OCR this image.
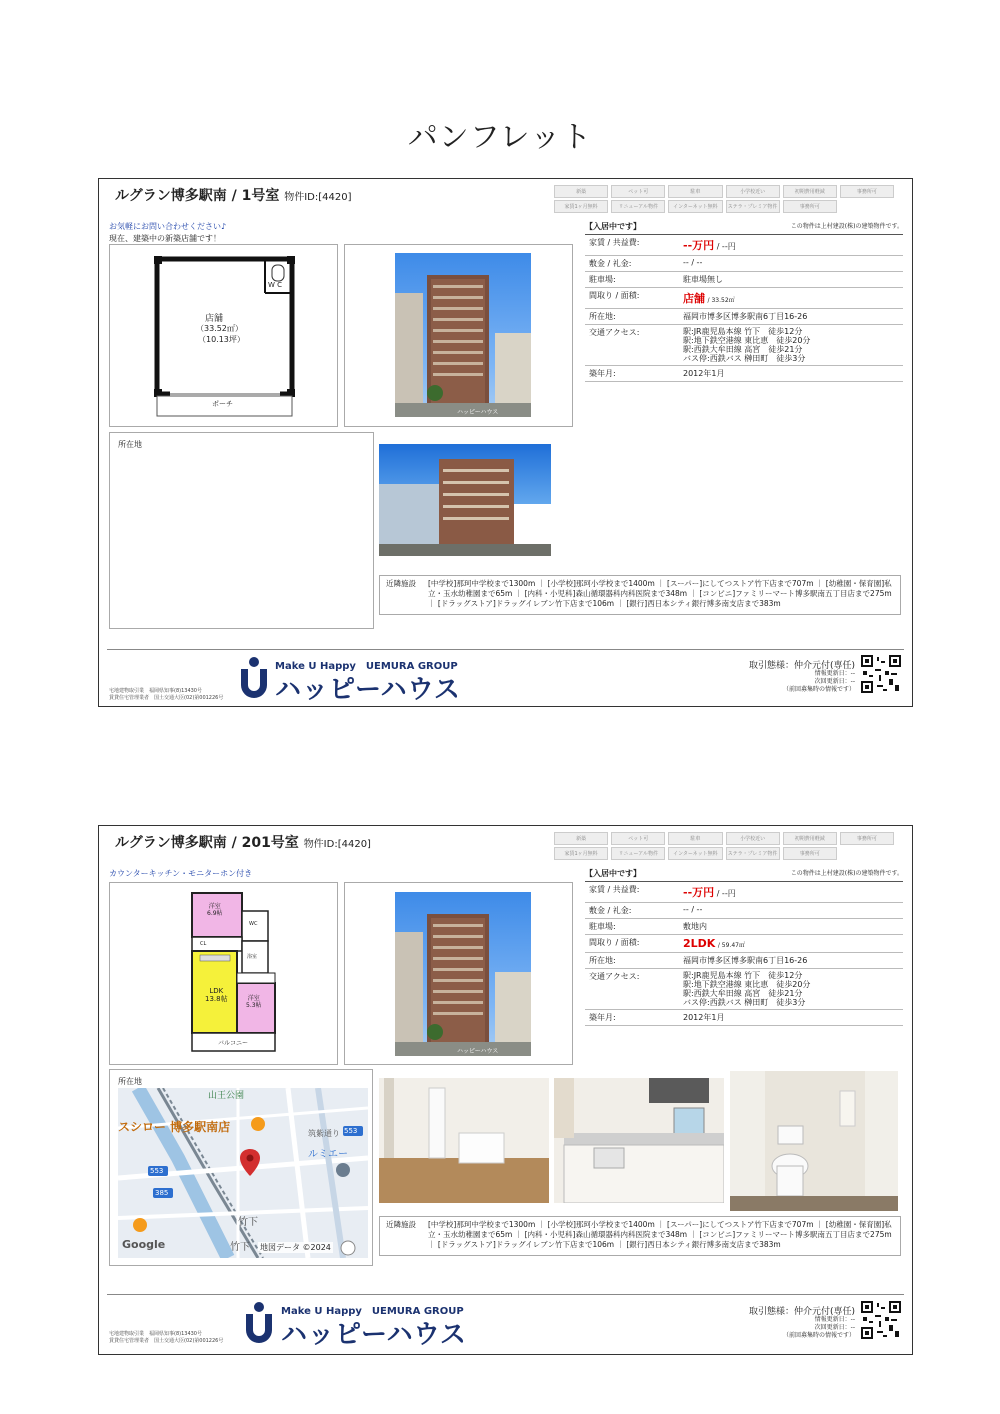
パンフレット
ルグラン博多駅南 / 1号室 物件ID:[4420]	新築	ペット可	駐車	小学校近い	初期費用軽減	事務所可
家賃1ヶ月無料	リニューアル物件	インターネット無料	ステラ・プレミア物件	事務所可
お気軽にお問い合わせください♪
現在、建築中の新築店舗です！
W C
店舗
（33.52㎡）
（10.13坪）
ポーチ
ハッピーハウス
所在地
【入居中です】	この物件は上村建設(株)の建築物件です。
家賃 / 共益費:	--万円 / --円
敷金 / 礼金:	-- / --
駐車場:	駐車場無し
間取り / 面積:	店舗 / 33.52㎡
所在地:	福岡市博多区博多駅南6丁目16-26
交通アクセス:	駅:JR鹿児島本線 竹下　徒歩12分
駅:地下鉄空港線 東比恵　徒歩20分
駅:西鉄大牟田線 高宮　徒歩21分
バス停:西鉄バス 榊田町　徒歩3分
築年月:	2012年1月
近隣施設	[中学校]那珂中学校まで1300m ｜ [小学校]那珂小学校まで1400m ｜ [スーパー]にしてつストア竹下店まで707m ｜ [幼稚園・保育園]私立・玉水幼稚園まで65m ｜ [内科・小児科]森山循環器科内科医院まで348m ｜ [コンビニ]ファミリーマート博多駅南五丁目店まで275m ｜ [ドラッグストア]ドラッグイレブン竹下店まで106m ｜ [銀行]西日本シティ銀行博多南支店まで383m
Make U Happy　UEMURA GROUP
ハッピーハウス
宅地建物取引業　福岡県知事(8)13430号
賃貸住宅管理業者　国土交通大臣(02)第001226号
取引態様：仲介元付(専任)
情報更新日：--
次回更新日：--
（前回募集時の情報です）
ルグラン博多駅南 / 201号室 物件ID:[4420]	新築	ペット可	駐車	小学校近い	初期費用軽減	事務所可
家賃1ヶ月無料	リニューアル物件	インターネット無料	ステラ・プレミア物件	事務所可
カウンターキッチン・モニターホン付き
洋室
6.9帖
CL
WC
浴室
LDK
13.8帖	洋室
5.3帖
バルコニー
ハッピーハウス
所在地
山王公園
スシロー 博多駅南店	筑紫通り
ルミエー
553
385
553
竹下
竹下
Google	地図データ ©2024
【入居中です】	この物件は上村建設(株)の建築物件です。
家賃 / 共益費:	--万円 / --円
敷金 / 礼金:	-- / --
駐車場:	敷地内
間取り / 面積:	2LDK / 59.47㎡
所在地:	福岡市博多区博多駅南6丁目16-26
交通アクセス:	駅:JR鹿児島本線 竹下　徒歩12分
駅:地下鉄空港線 東比恵　徒歩20分
駅:西鉄大牟田線 高宮　徒歩21分
バス停:西鉄バス 榊田町　徒歩3分
築年月:	2012年1月
近隣施設	[中学校]那珂中学校まで1300m ｜ [小学校]那珂小学校まで1400m ｜ [スーパー]にしてつストア竹下店まで707m ｜ [幼稚園・保育園]私立・玉水幼稚園まで65m ｜ [内科・小児科]森山循環器科内科医院まで348m ｜ [コンビニ]ファミリーマート博多駅南五丁目店まで275m ｜ [ドラッグストア]ドラッグイレブン竹下店まで106m ｜ [銀行]西日本シティ銀行博多南支店まで383m
Make U Happy　UEMURA GROUP
ハッピーハウス
宅地建物取引業　福岡県知事(8)13430号
賃貸住宅管理業者　国土交通大臣(02)第001226号
取引態様：仲介元付(専任)
情報更新日：--
次回更新日：--
（前回募集時の情報です）
